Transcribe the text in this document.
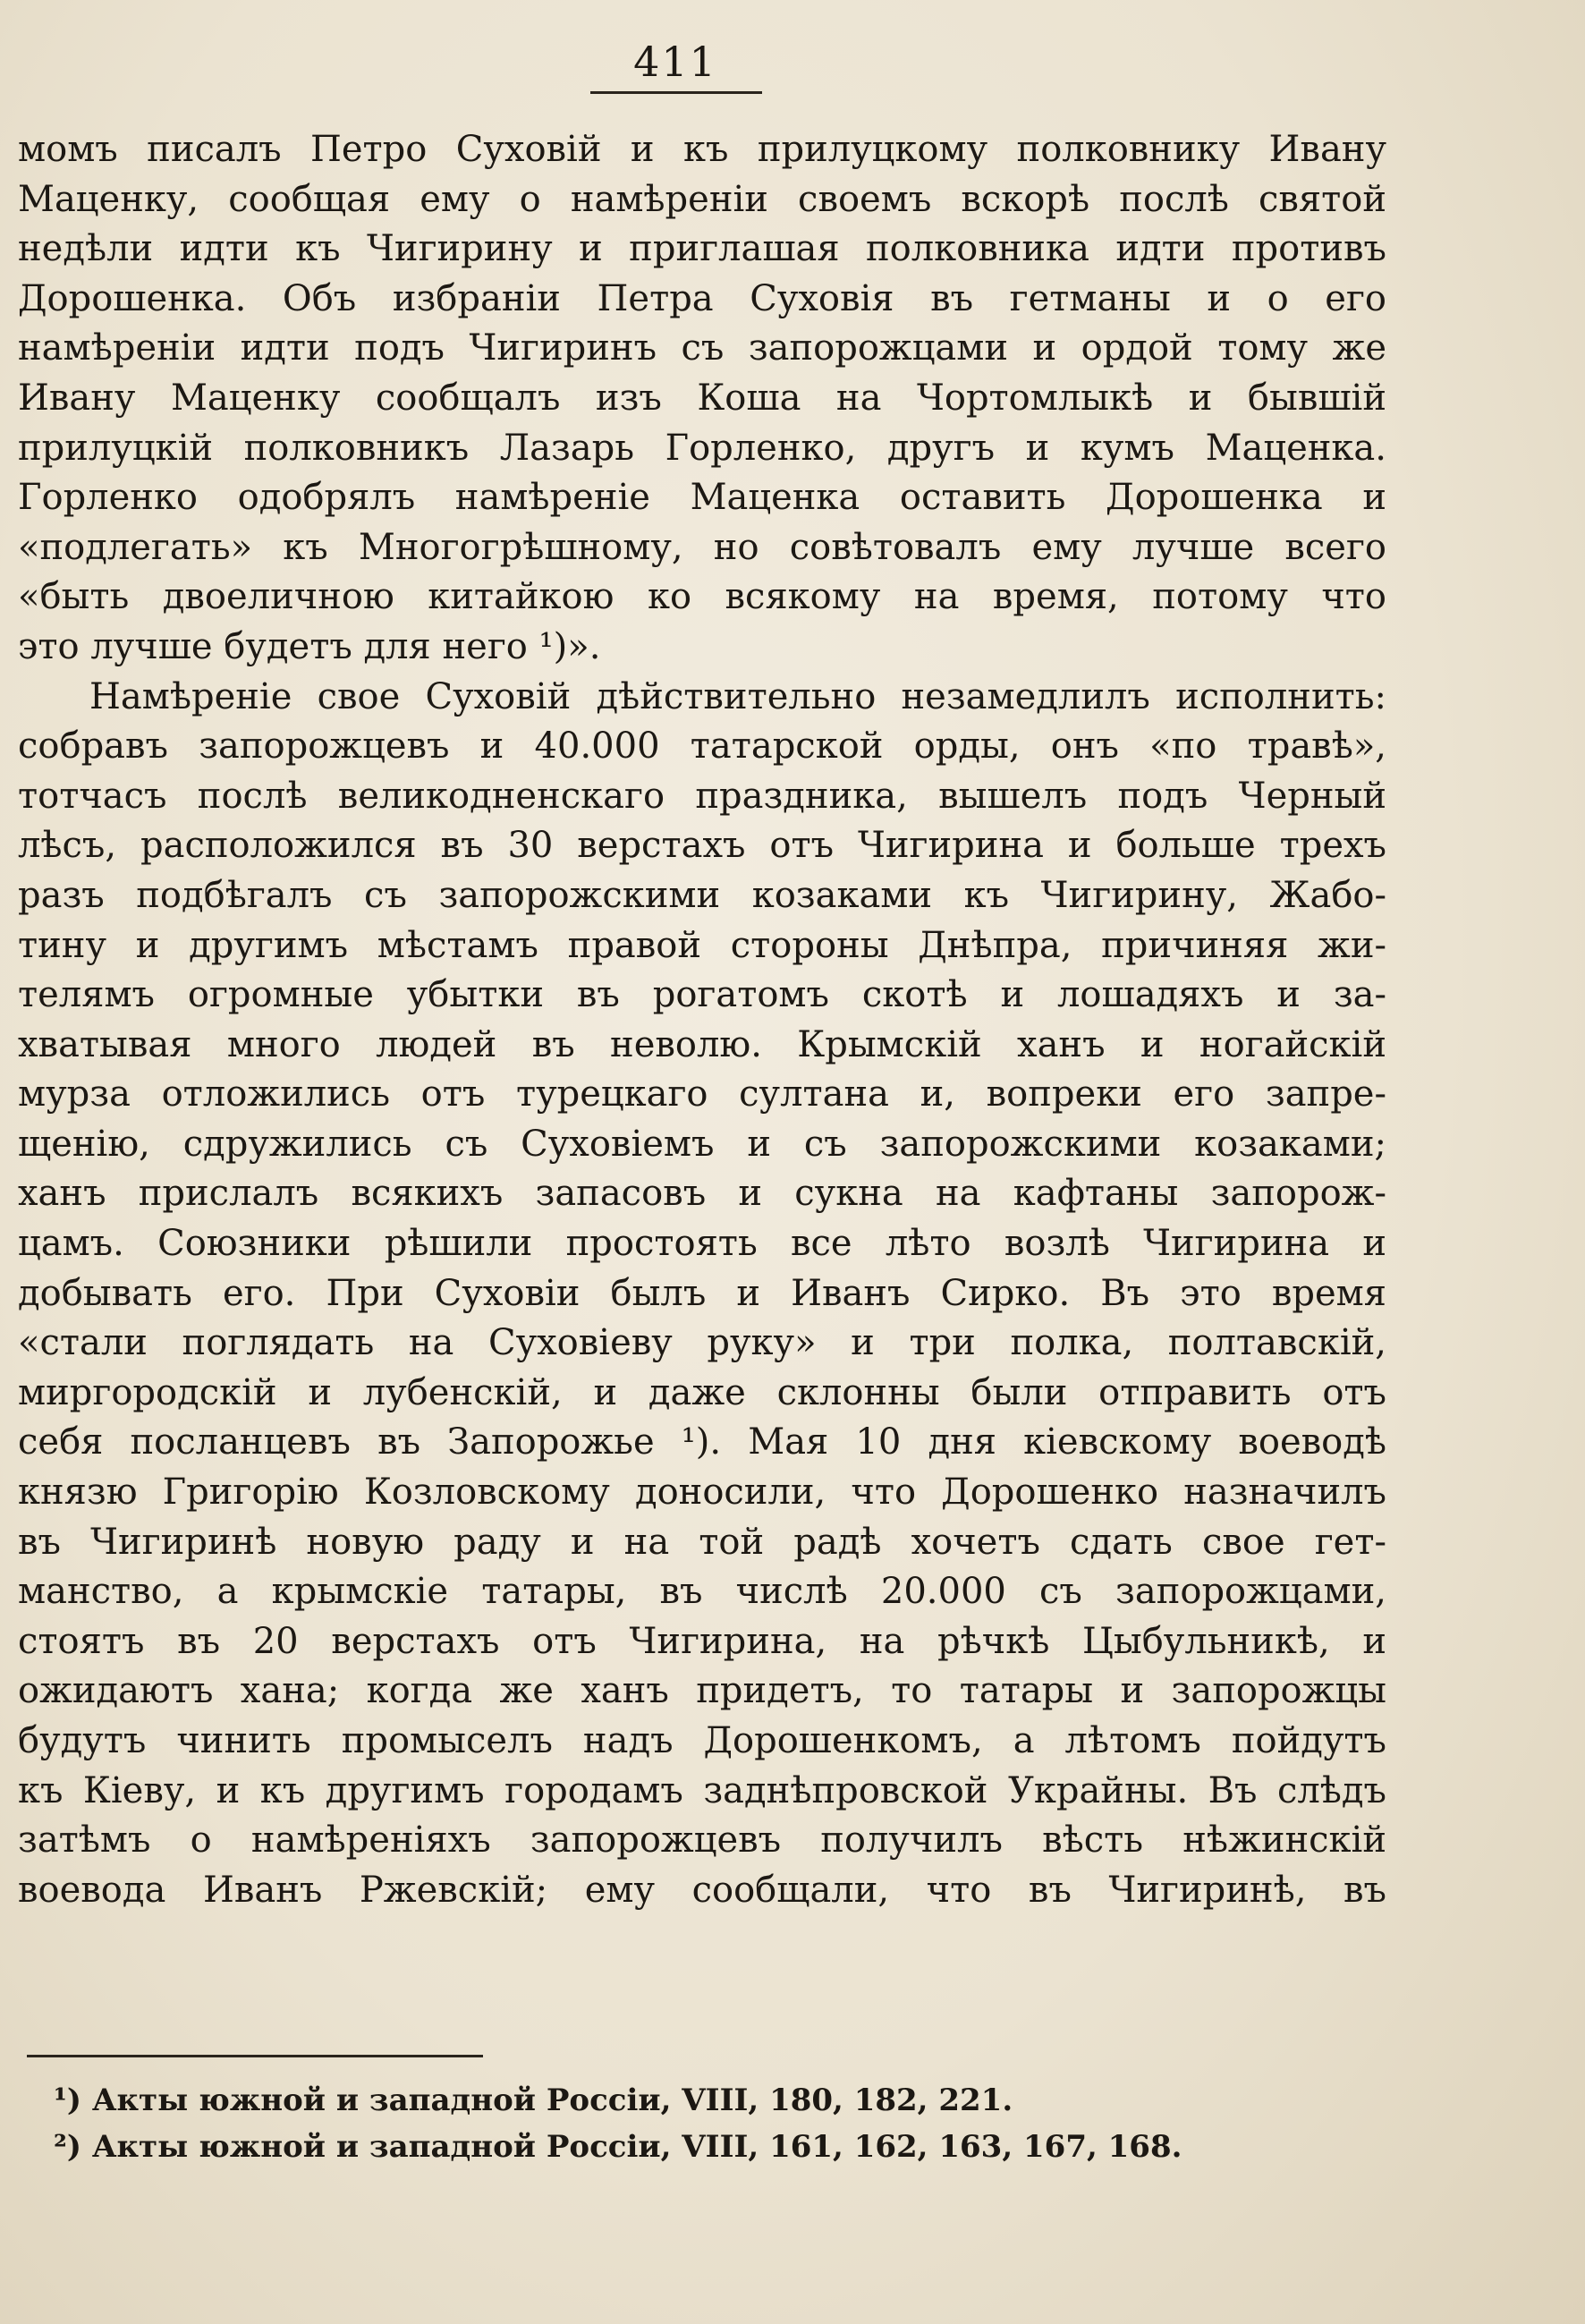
411
момъ писалъ Петро Суховій и къ прилуцкому полковнику Ивану
Маценку, сообщая ему о намѣреніи своемъ вскорѣ послѣ святой
недѣли идти къ Чигирину и приглашая полковника идти противъ
Дорошенка. Объ избраніи Петра Суховія въ гетманы и о его
намѣреніи идти подъ Чигиринъ съ запорожцами и ордой тому же
Ивану Маценку сообщалъ изъ Коша на Чортомлыкѣ и бывшій
прилуцкій полковникъ Лазарь Горленко, другъ и кумъ Маценка.
Горленко одобрялъ намѣреніе Маценка оставить Дорошенка и
«подлегать» къ Многогрѣшному, но совѣтовалъ ему лучше всего
«быть двоеличною китайкою ко всякому на время, потому что
это лучше будетъ для него ¹)».
Намѣреніе свое Суховій дѣйствительно незамедлилъ исполнить:
собравъ запорожцевъ и 40.000 татарской орды, онъ «по травѣ»,
тотчасъ послѣ великодненскаго праздника, вышелъ подъ Черный
лѣсъ, расположился въ 30 верстахъ отъ Чигирина и больше трехъ
разъ подбѣгалъ съ запорожскими козаками къ Чигирину, Жабо-
тину и другимъ мѣстамъ правой стороны Днѣпра, причиняя жи-
телямъ огромные убытки въ рогатомъ скотѣ и лошадяхъ и за-
хватывая много людей въ неволю. Крымскій ханъ и ногайскій
мурза отложились отъ турецкаго султана и, вопреки его запре-
щенію, сдружились съ Суховіемъ и съ запорожскими козаками;
ханъ прислалъ всякихъ запасовъ и сукна на кафтаны запорож-
цамъ. Союзники рѣшили простоять все лѣто возлѣ Чигирина и
добывать его. При Суховіи былъ и Иванъ Сирко. Въ это время
«стали поглядать на Суховіеву руку» и три полка, полтавскій,
миргородскій и лубенскій, и даже склонны были отправить отъ
себя посланцевъ въ Запорожье ¹). Мая 10 дня кіевскому воеводѣ
князю Григорію Козловскому доносили, что Дорошенко назначилъ
въ Чигиринѣ новую раду и на той радѣ хочетъ сдать свое гет-
манство, а крымскіе татары, въ числѣ 20.000 съ запорожцами,
стоятъ въ 20 верстахъ отъ Чигирина, на рѣчкѣ Цыбульникѣ, и
ожидаютъ хана; когда же ханъ придетъ, то татары и запорожцы
будутъ чинить промыселъ надъ Дорошенкомъ, а лѣтомъ пойдутъ
къ Кіеву, и къ другимъ городамъ заднѣпровской Украйны. Въ слѣдъ
затѣмъ о намѣреніяхъ запорожцевъ получилъ вѣсть нѣжинскій
воевода Иванъ Ржевскій; ему сообщали, что въ Чигиринѣ, въ
¹) Акты южной и западной Россіи, VIII, 180, 182, 221.
²) Акты южной и западной Россіи, VIII, 161, 162, 163, 167, 168.
